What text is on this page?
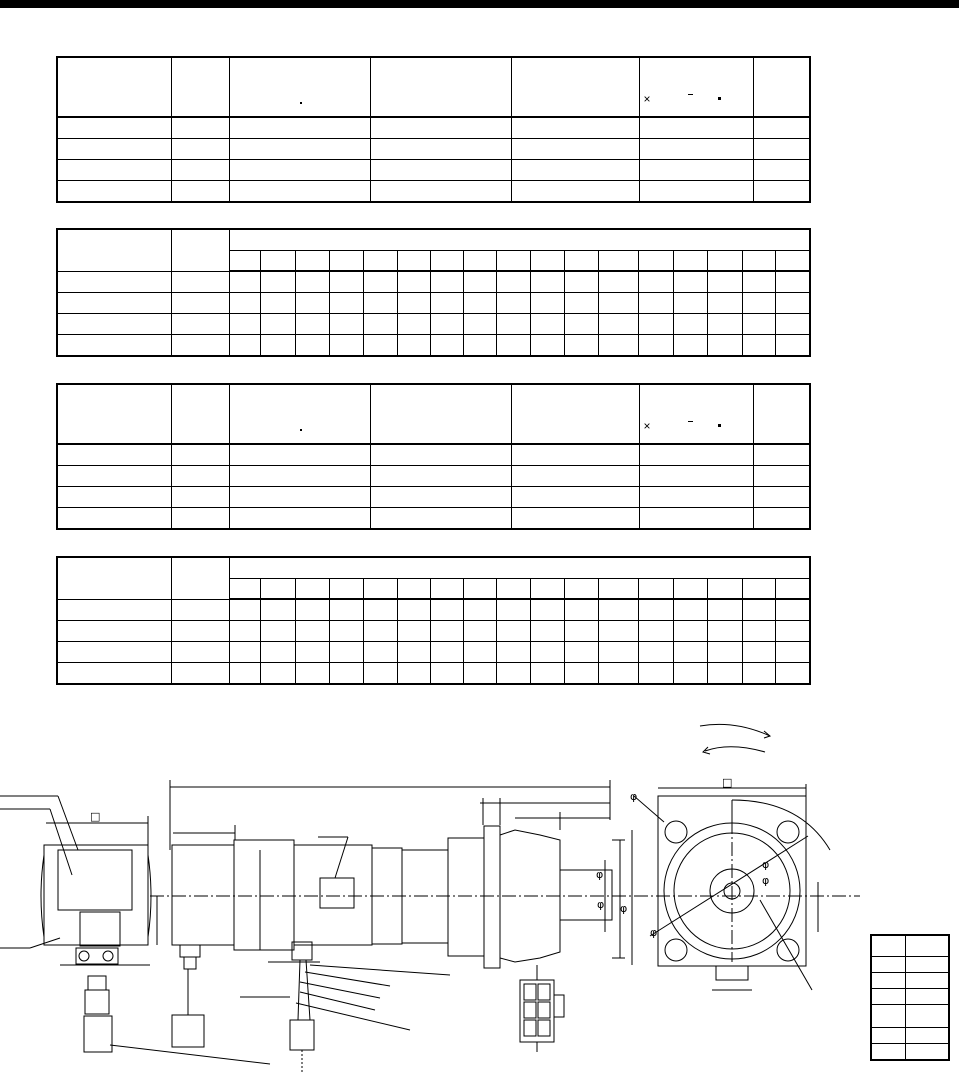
					×	

					×	

□
□
φ
φ
φ φ
φ
φ
φ
